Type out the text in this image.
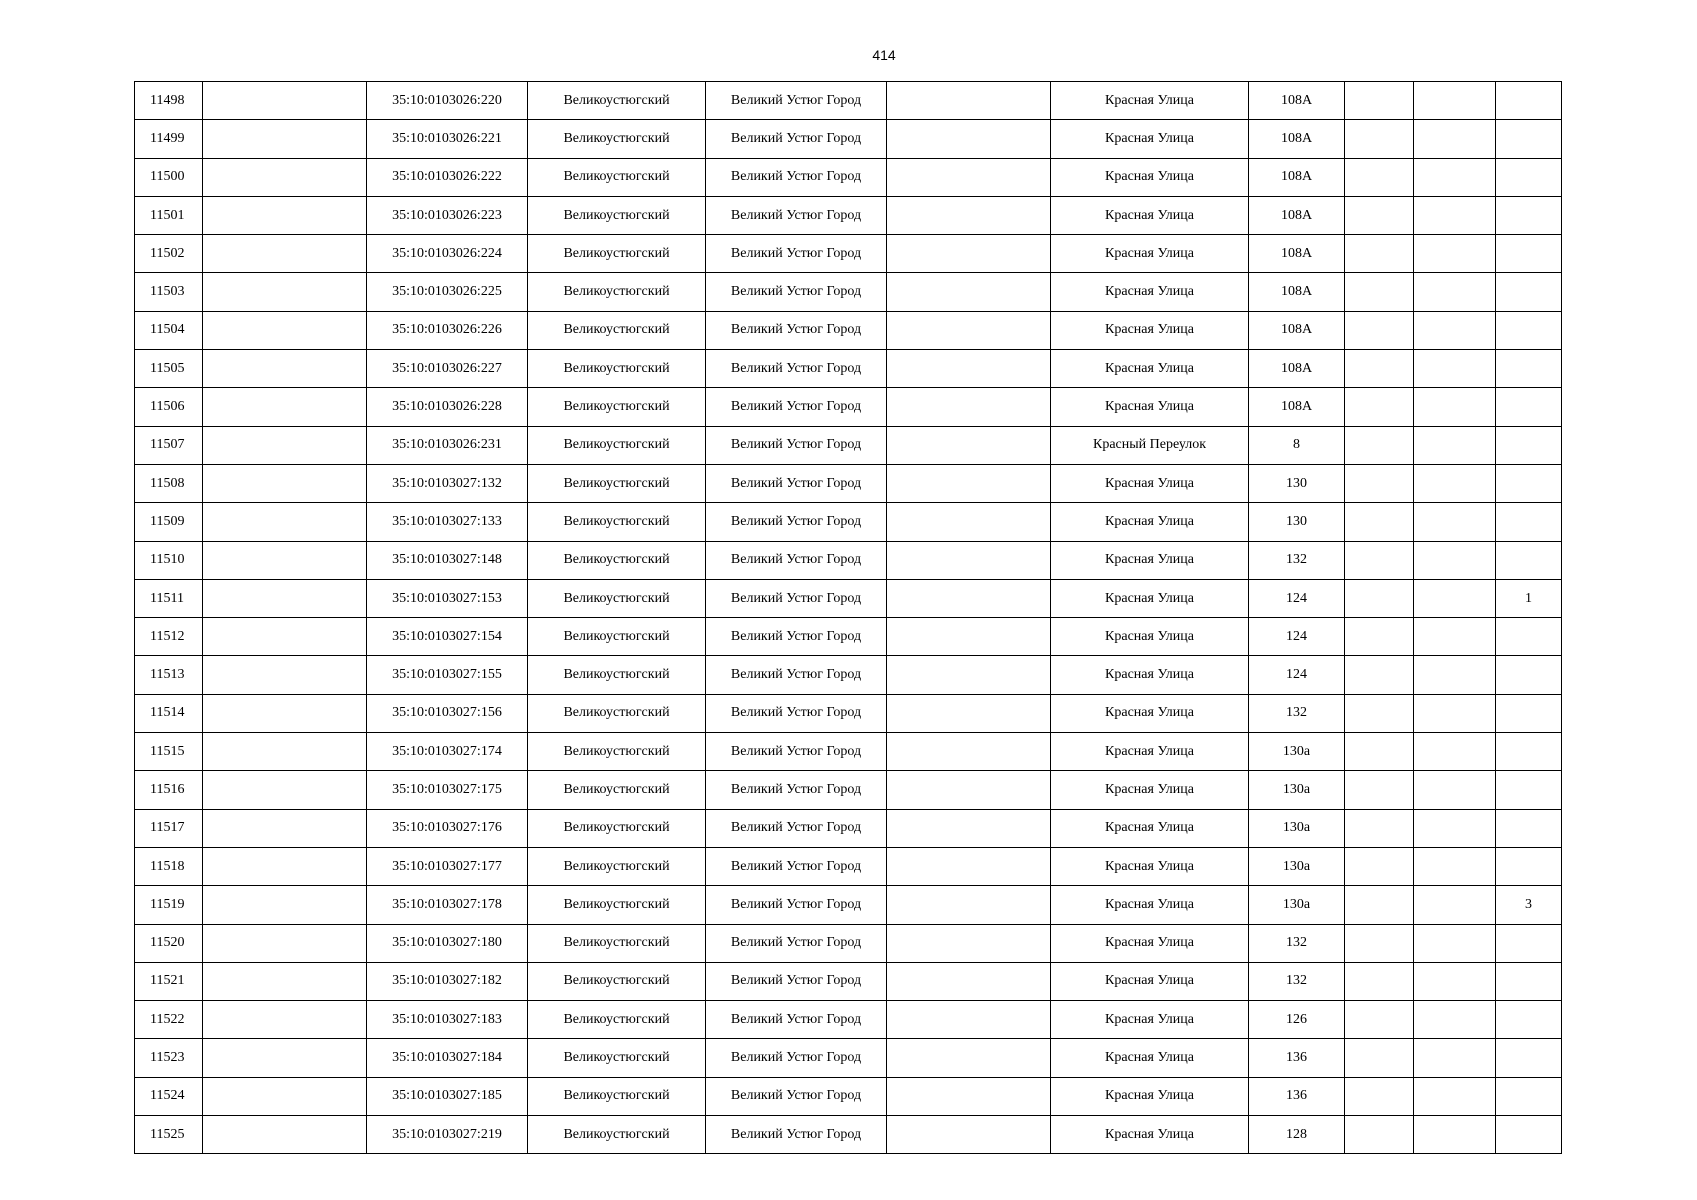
414
11498		35:10:0103026:220	Великоустюгский	Великий Устюг Город		Красная Улица	108А			
11499		35:10:0103026:221	Великоустюгский	Великий Устюг Город		Красная Улица	108А			
11500		35:10:0103026:222	Великоустюгский	Великий Устюг Город		Красная Улица	108А			
11501		35:10:0103026:223	Великоустюгский	Великий Устюг Город		Красная Улица	108А			
11502		35:10:0103026:224	Великоустюгский	Великий Устюг Город		Красная Улица	108А			
11503		35:10:0103026:225	Великоустюгский	Великий Устюг Город		Красная Улица	108А			
11504		35:10:0103026:226	Великоустюгский	Великий Устюг Город		Красная Улица	108А			
11505		35:10:0103026:227	Великоустюгский	Великий Устюг Город		Красная Улица	108А			
11506		35:10:0103026:228	Великоустюгский	Великий Устюг Город		Красная Улица	108А			
11507		35:10:0103026:231	Великоустюгский	Великий Устюг Город		Красный Переулок	8			
11508		35:10:0103027:132	Великоустюгский	Великий Устюг Город		Красная Улица	130			
11509		35:10:0103027:133	Великоустюгский	Великий Устюг Город		Красная Улица	130			
11510		35:10:0103027:148	Великоустюгский	Великий Устюг Город		Красная Улица	132			
11511		35:10:0103027:153	Великоустюгский	Великий Устюг Город		Красная Улица	124			1
11512		35:10:0103027:154	Великоустюгский	Великий Устюг Город		Красная Улица	124			
11513		35:10:0103027:155	Великоустюгский	Великий Устюг Город		Красная Улица	124			
11514		35:10:0103027:156	Великоустюгский	Великий Устюг Город		Красная Улица	132			
11515		35:10:0103027:174	Великоустюгский	Великий Устюг Город		Красная Улица	130а			
11516		35:10:0103027:175	Великоустюгский	Великий Устюг Город		Красная Улица	130а			
11517		35:10:0103027:176	Великоустюгский	Великий Устюг Город		Красная Улица	130а			
11518		35:10:0103027:177	Великоустюгский	Великий Устюг Город		Красная Улица	130а			
11519		35:10:0103027:178	Великоустюгский	Великий Устюг Город		Красная Улица	130а			3
11520		35:10:0103027:180	Великоустюгский	Великий Устюг Город		Красная Улица	132			
11521		35:10:0103027:182	Великоустюгский	Великий Устюг Город		Красная Улица	132			
11522		35:10:0103027:183	Великоустюгский	Великий Устюг Город		Красная Улица	126			
11523		35:10:0103027:184	Великоустюгский	Великий Устюг Город		Красная Улица	136			
11524		35:10:0103027:185	Великоустюгский	Великий Устюг Город		Красная Улица	136			
11525		35:10:0103027:219	Великоустюгский	Великий Устюг Город		Красная Улица	128			
